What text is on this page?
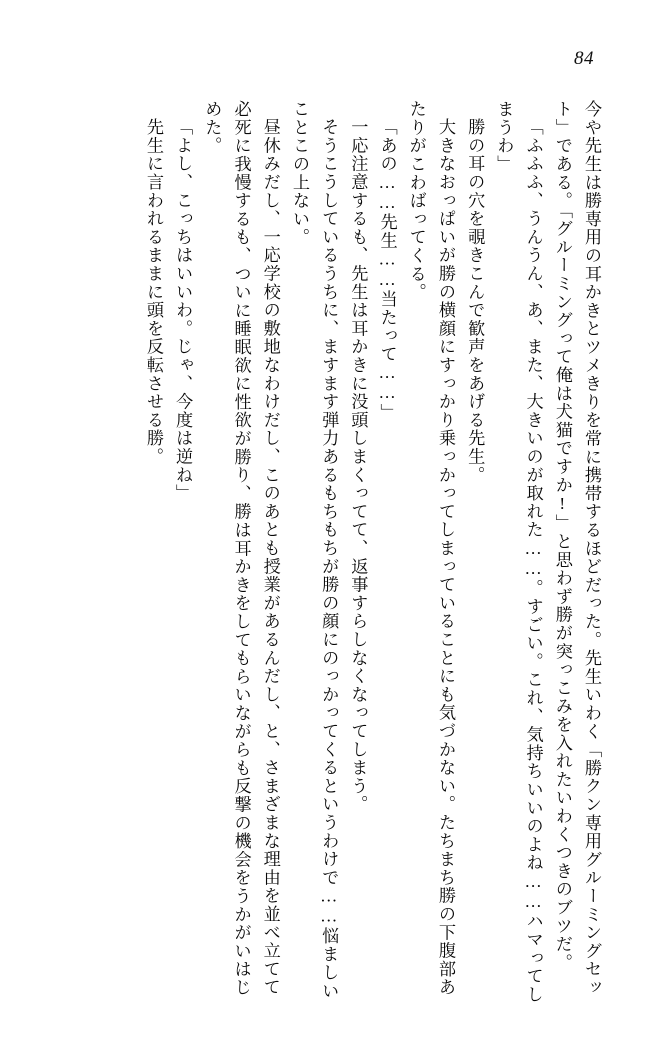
84

今や先生は勝専用の耳かきとツメきりを常に携帯するほどだった。先生いわく「勝クン専用グルーミングセット」である。「グルーミングって俺は犬猫ですか!」と思わず勝が突っこみを入れたいわくつきのブツだ。

「ふふふ、うんうん、あ、また、大きいのが取れた……。すごい。これ、気持ちいいのよね……ハマってしまうわ」

勝の耳の穴を覗きこんで歓声をあげる先生。

大きなおっぱいが勝の横顔にすっかり乗っかってしまっていることにも気づかない。たちまち勝の下腹部あたりがこわばってくる。

「あの……先生……当たって……」

一応注意するも、先生は耳かきに没頭しまくってて、返事すらしなくなってしまう。

そうこうしているうちに、ますます弾力あるもちもちが勝の顔にのっかってくるというわけで……悩ましいことこの上ない。

昼休みだし、一応学校の敷地なわけだし、このあとも授業があるんだし、と、さまざまな理由を並べ立てて必死に我慢するも、ついに睡眠欲に性欲が勝り、勝は耳かきをしてもらいながらも反撃の機会をうかがいはじめた。

「よし、こっちはいいわ。じゃ、今度は逆ね」

先生に言われるままに頭を反転させる勝。
